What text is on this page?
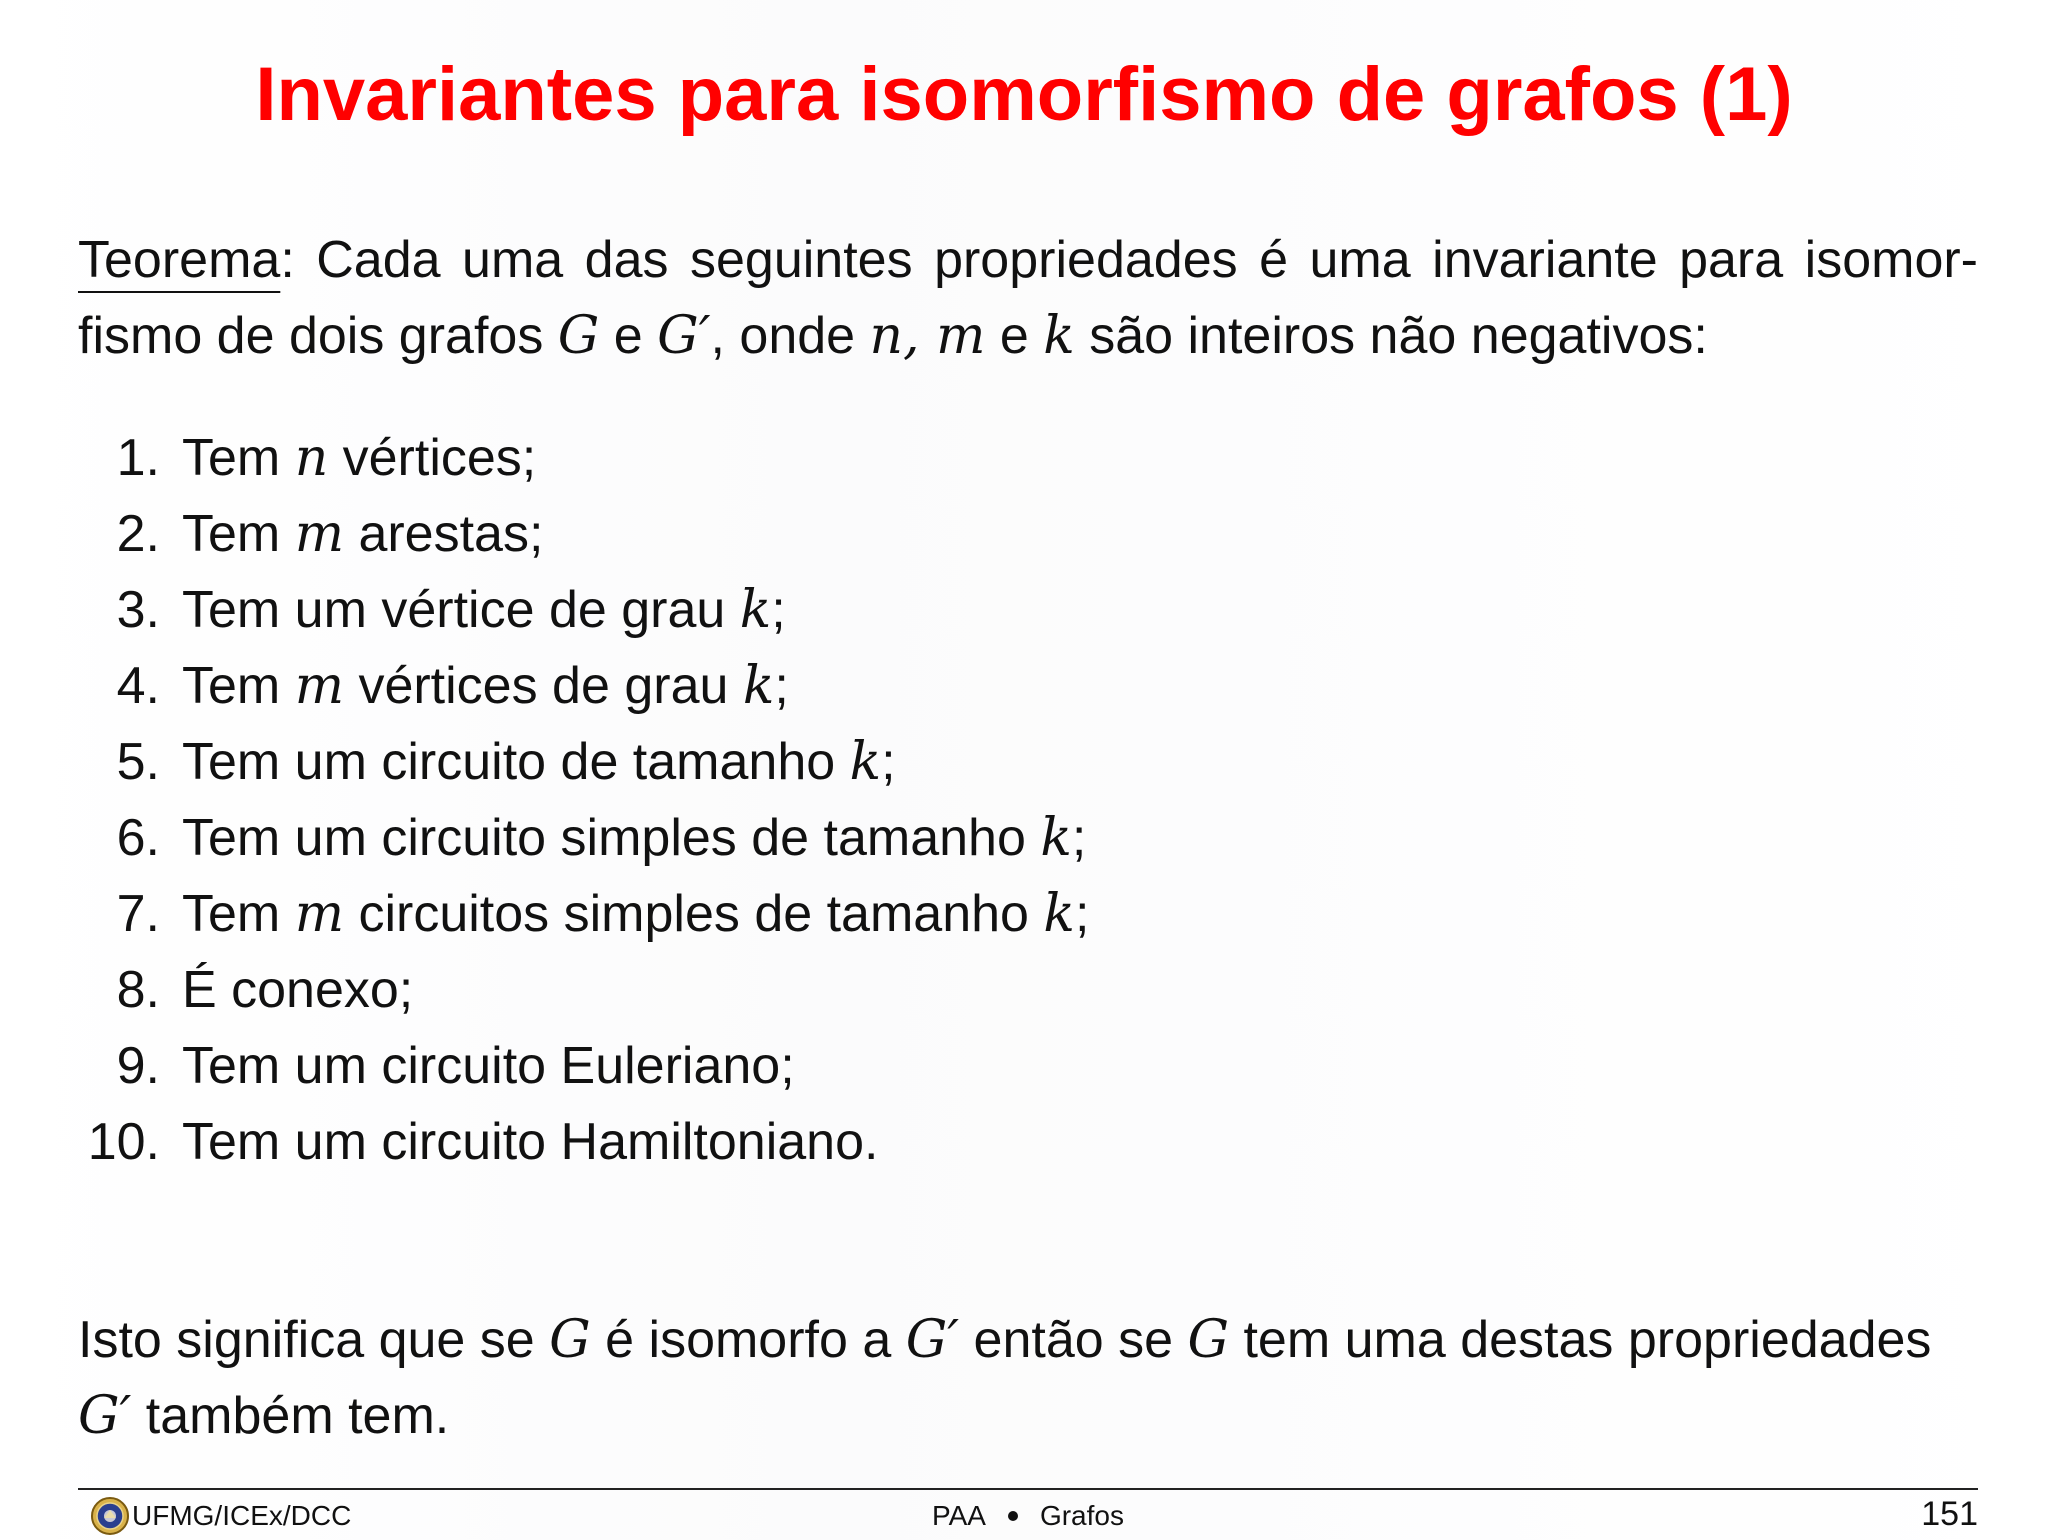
Invariantes para isomorfismo de grafos (1)
Teorema: Cada uma das seguintes propriedades é uma invariante para isomor-fismo de dois grafos G e G′, onde n, m e k são inteiros não negativos:
1. Tem n vértices;
2. Tem m arestas;
3. Tem um vértice de grau k;
4. Tem m vértices de grau k;
5. Tem um circuito de tamanho k;
6. Tem um circuito simples de tamanho k;
7. Tem m circuitos simples de tamanho k;
8. É conexo;
9. Tem um circuito Euleriano;
10. Tem um circuito Hamiltoniano.
Isto significa que se G é isomorfo a G′ então se G tem uma destas propriedades G′ também tem.
UFMG/ICEx/DCC	PAA Grafos	151
